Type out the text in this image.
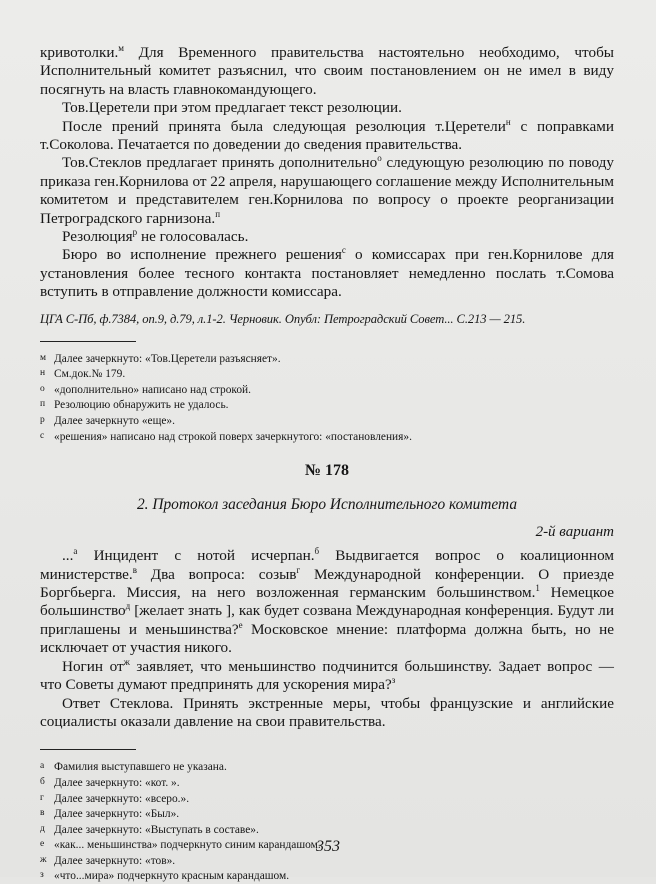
кривотолки.$^м$ Для Временного правительства настоятельно необходимо, чтобы Исполнительный комитет разъяснил, что своим постановлением он не имел в виду посягнуть на власть главнокомандующего.

Тов.Церетели при этом предлагает текст резолюции.

После прений принята была следующая резолюция т.Церетели$^н$ с поправками т.Соколова. Печатается по доведении до сведения правительства.

Тов.Стеклов предлагает принять дополнительно$^о$ следующую резолюцию по поводу приказа ген.Корнилова от 22 апреля, нарушающего соглашение между Исполнительным комитетом и представителем ген.Корнилова по вопросу о проекте реорганизации Петроградского гарнизона.$^п$

Резолюция$^р$ не голосовалась.

Бюро во исполнение прежнего решения$^с$ о комиссарах при ген.Корнилове для установления более тесного контакта постановляет немедленно послать т.Сомова вступить в отправление должности комиссара.

ЦГА С-Пб, ф.7384, оп.9, д.79, л.1-2. Черновик. Опубл: Петроградский Совет... С.213 — 215.
м Далее зачеркнуто: «Тов.Церетели разъясняет».
н См.док.№ 179.
о «дополнительно» написано над строкой.
п Резолюцию обнаружить не удалось.
р Далее зачеркнуто «еще».
с «решения» написано над строкой поверх зачеркнутого: «постановления».
№ 178
2. Протокол заседания Бюро Исполнительного комитета
2-й вариант

...$^а$ Инцидент с нотой исчерпан.$^б$ Выдвигается вопрос о коалиционном министерстве.$^в$ Два вопроса: созыв$^г$ Международной конференции. О приезде Боргбьерга. Миссия, на него возложенная германским большинством.$^1$ Немецкое большинство$^д$ [желает знать ], как будет созвана Международная конференция. Будут ли приглашены и меньшинства?$^е$ Московское мнение: платформа должна быть, но не исключает от участия никого.

Ногин $от^ж$ заявляет, что меньшинство подчинится большинству. Задает вопрос — что Советы думают предпринять для ускорения мира?$^з$

Ответ Стеклова. Принять экстренные меры, чтобы французские и английские социалисты оказали давление на свои правительства.

а Фамилия выступавшего не указана.
б Далее зачеркнуто: «кот. ».
г Далее зачеркнуто: «всеро.».
в Далее зачеркнуто: «Был».
д Далее зачеркнуто: «Выступать в составе».
е «как... меньшинства» подчеркнуто синим карандашом.
ж Далее зачеркнуто: «тов».
з «что...мира» подчеркнуто красным карандашом.
353
